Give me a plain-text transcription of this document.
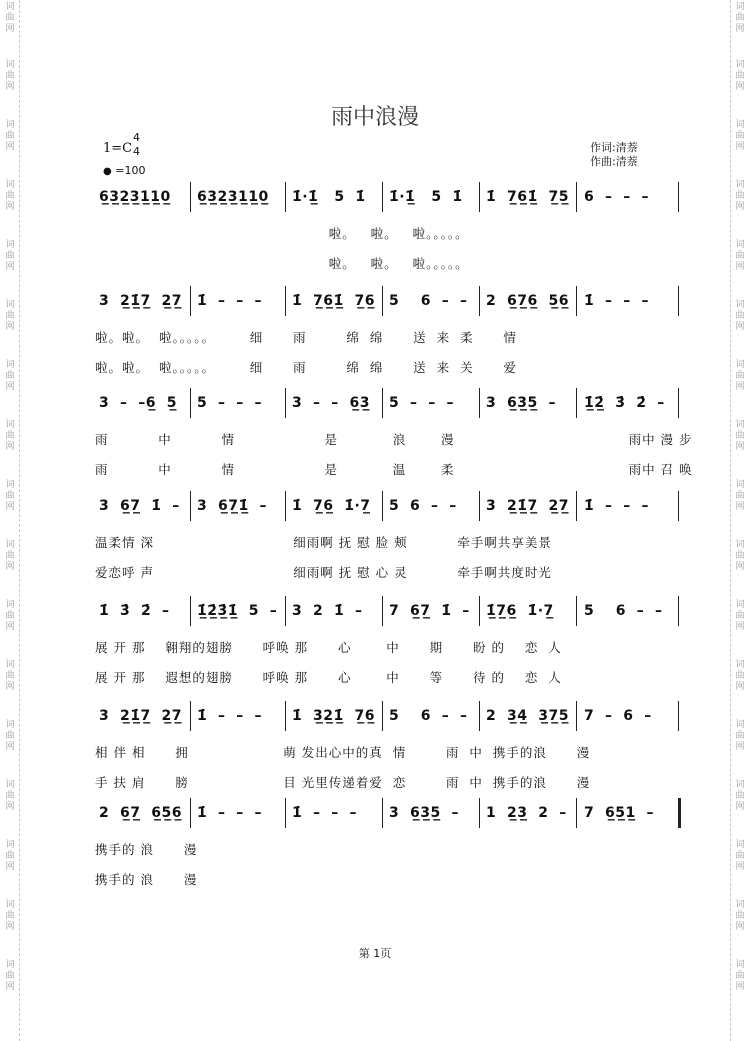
词
曲
网
词
曲
网
词
曲
网
词
曲
网
词
曲
网
词
曲
网
词
曲
网
词
曲
网
词
曲
网
词
曲
网
词
曲
网
词
曲
网
词
曲
网
词
曲
网
词
曲
网
词
曲
网
词
曲
网
词
曲
网
词
曲
网
词
曲
网
词
曲
网
词
曲
网
词
曲
网
词
曲
网
词
曲
网
词
曲
网
词
曲
网
词
曲
网
词
曲
网
词
曲
网
词
曲
网
词
曲
网
词
曲
网
词
曲
网
雨中浪漫
1=C
4
4
● =100
作词:清萘
作曲:清萘
6̲3̲2̲3̲1̲1̲0̲ 6̲3̲2̲3̲1̲1̲0̲ 1̇·1̲̇   5  1̇ 1̇·1̲̇   5  1̇ 1̇  7̲6̲1̲̇  7̲5̲ 6  –  –  –
啦。   啦。   啦。。。。。
啦。   啦。   啦。。。。。
3  2̲1̲̇7̲  2̲7̲ 1̇  –  –  – 1̇  7̲6̲1̲̇  7̲6̲ 5    6  –  – 2  6̲7̲6̲  5̲6̲ 1̇  –  –  –
啦。啦。  啦。。。。。       细      雨        绵  绵      送  来  柔      情
啦。啦。  啦。。。。。       细      雨        绵  绵      送  来  关      爱
3  –  –6̲  5̲ 5  –  –  – 3  –  –  6̲3̲ 5  –  –  – 3  6̲3̲5̲  – 1̲̇2̲̇  3̇  2̇  –
雨          中          情                  是           浪       漫                                   雨中 漫 步
雨          中          情                  是           温       柔                                   雨中 召 唤
3  6̲7̲  1̇  – 3  6̲7̲1̲̇  – 1̇  7̲6̲  1̇·7̲ 5  6  –  – 3  2̲1̲̇7̲  2̲7̲ 1̇  –  –  –
温柔情 深                            细雨啊 抚 慰 脸 颊          牵手啊共享美景
爱恋呼 声                            细雨啊 抚 慰 心 灵          牵手啊共度时光
1̇  3̇  2̇  – 1̲̇2̲̇3̲̇1̲̇  5  – 3  2  1̇  – 7  6̲7̲  1̇  – 1̲̇7̲6̲  1̇·7̲ 5    6  –  –
展 开 那    翱翔的翅膀      呼唤 那      心       中      期      盼 的    恋  人
展 开 那    遐想的翅膀      呼唤 那      心       中      等      待 的    恋  人
3  2̲1̲̇7̲  2̲7̲ 1̇  –  –  – 1̇  3̲2̲1̲̇  7̲6̲ 5    6  –  – 2  3̲4̲  3̲7̲5̲ 7  –  6  –
相 伴 相      拥                   萌 发出心中的真  情        雨  中  携手的浪      漫
手 扶 肩      膀                   目 光里传递着爱  恋        雨  中  携手的浪      漫
2  6̲7̲  6̲5̲6̲ 1̇  –  –  – 1̇  –  –  – 3  6̲3̲5̲  – 1  2̲3̲  2  – 7  6̲5̲1̲  –
携手的 浪      漫
携手的 浪      漫
第 1页
